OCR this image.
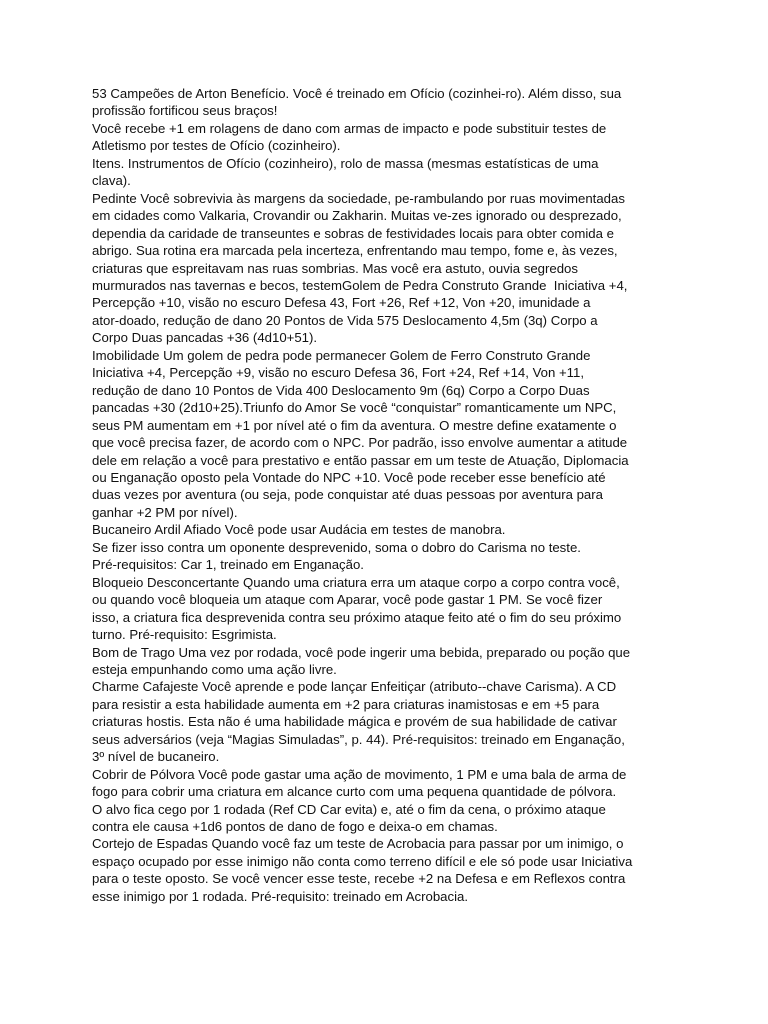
53 Campeões de Arton Benefício. Você é treinado em Ofício (cozinhei-ro). Além disso, sua
profissão fortificou seus braços!
Você recebe +1 em rolagens de dano com armas de impacto e pode substituir testes de
Atletismo por testes de Ofício (cozinheiro).
Itens. Instrumentos de Ofício (cozinheiro), rolo de massa (mesmas estatísticas de uma
clava).
Pedinte Você sobrevivia às margens da sociedade, pe-rambulando por ruas movimentadas
em cidades como Valkaria, Crovandir ou Zakharin. Muitas ve-zes ignorado ou desprezado,
dependia da caridade de transeuntes e sobras de festividades locais para obter comida e
abrigo. Sua rotina era marcada pela incerteza, enfrentando mau tempo, fome e, às vezes,
criaturas que espreitavam nas ruas sombrias. Mas você era astuto, ouvia segredos
murmurados nas tavernas e becos, testemGolem de Pedra Construto Grande  Iniciativa +4,
Percepção +10, visão no escuro Defesa 43, Fort +26, Ref +12, Von +20, imunidade a
ator-doado, redução de dano 20 Pontos de Vida 575 Deslocamento 4,5m (3q) Corpo a
Corpo Duas pancadas +36 (4d10+51).
Imobilidade Um golem de pedra pode permanecer Golem de Ferro Construto Grande
Iniciativa +4, Percepção +9, visão no escuro Defesa 36, Fort +24, Ref +14, Von +11,
redução de dano 10 Pontos de Vida 400 Deslocamento 9m (6q) Corpo a Corpo Duas
pancadas +30 (2d10+25).Triunfo do Amor Se você “conquistar” romanticamente um NPC,
seus PM aumentam em +1 por nível até o fim da aventura. O mestre define exatamente o
que você precisa fazer, de acordo com o NPC. Por padrão, isso envolve aumentar a atitude
dele em relação a você para prestativo e então passar em um teste de Atuação, Diplomacia
ou Enganação oposto pela Vontade do NPC +10. Você pode receber esse benefício até
duas vezes por aventura (ou seja, pode conquistar até duas pessoas por aventura para
ganhar +2 PM por nível).
Bucaneiro Ardil Afiado Você pode usar Audácia em testes de manobra.
Se fizer isso contra um oponente desprevenido, soma o dobro do Carisma no teste.
Pré-requisitos: Car 1, treinado em Enganação.
Bloqueio Desconcertante Quando uma criatura erra um ataque corpo a corpo contra você,
ou quando você bloqueia um ataque com Aparar, você pode gastar 1 PM. Se você fizer
isso, a criatura fica desprevenida contra seu próximo ataque feito até o fim do seu próximo
turno. Pré-requisito: Esgrimista.
Bom de Trago Uma vez por rodada, você pode ingerir uma bebida, preparado ou poção que
esteja empunhando como uma ação livre.
Charme Cafajeste Você aprende e pode lançar Enfeitiçar (atributo--chave Carisma). A CD
para resistir a esta habilidade aumenta em +2 para criaturas inamistosas e em +5 para
criaturas hostis. Esta não é uma habilidade mágica e provém de sua habilidade de cativar
seus adversários (veja “Magias Simuladas”, p. 44). Pré-requisitos: treinado em Enganação,
3º nível de bucaneiro.
Cobrir de Pólvora Você pode gastar uma ação de movimento, 1 PM e uma bala de arma de
fogo para cobrir uma criatura em alcance curto com uma pequena quantidade de pólvora.
O alvo fica cego por 1 rodada (Ref CD Car evita) e, até o fim da cena, o próximo ataque
contra ele causa +1d6 pontos de dano de fogo e deixa-o em chamas.
Cortejo de Espadas Quando você faz um teste de Acrobacia para passar por um inimigo, o
espaço ocupado por esse inimigo não conta como terreno difícil e ele só pode usar Iniciativa
para o teste oposto. Se você vencer esse teste, recebe +2 na Defesa e em Reflexos contra
esse inimigo por 1 rodada. Pré-requisito: treinado em Acrobacia.
